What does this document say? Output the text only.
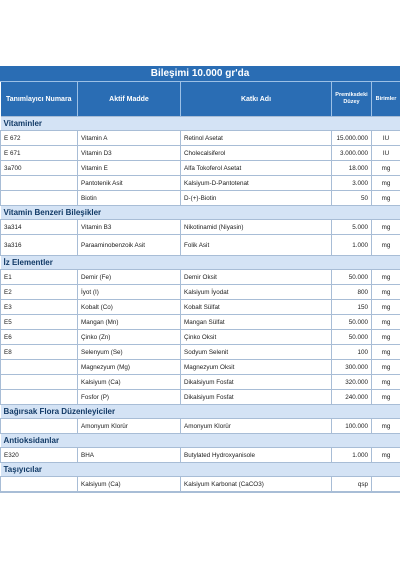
Bileşimi 10.000 gr'da
Tanımlayıcı Numara	Aktif Madde	Katkı Adı	Premiksdeki Düzey	Birimler
Vitaminler				
E 672	Vitamin A	Retinol Asetat	15.000.000	IU
E 671	Vitamin D3	Cholecalsiferol	3.000.000	IU
3a700	Vitamin E	Alfa Tokoferol Asetat	18.000	mg
	Pantotenik Asit	Kalsiyum-D-Pantotenat	3.000	mg
	Biotin	D-(+)-Biotin	50	mg
Vitamin Benzeri Bileşikler				
3a314	Vitamin B3	Nikotinamid (Niyasin)	5.000	mg
3a316	Paraaminobenzoik Asit	Folik Asit	1.000	mg
İz Elementler				
E1	Demir (Fe)	Demir Oksit	50.000	mg
E2	İyot (I)	Kalsiyum İyodat	800	mg
E3	Kobalt (Co)	Kobalt Sülfat	150	mg
E5	Mangan (Mn)	Mangan Sülfat	50.000	mg
E6	Çinko (Zn)	Çinko Oksit	50.000	mg
E8	Selenyum (Se)	Sodyum Selenit	100	mg
	Magnezyum (Mg)	Magnezyum Oksit	300.000	mg
	Kalsiyum (Ca)	Dikalsiyum Fosfat	320.000	mg
	Fosfor (P)	Dikalsiyum Fosfat	240.000	mg
Bağırsak Flora Düzenleyiciler				
	Amonyum Klorür	Amonyum Klorür	100.000	mg
Antioksidanlar				
E320	BHA	Butylated Hydroxyanisole	1.000	mg
Taşıyıcılar				
	Kalsiyum (Ca)	Kalsiyum Karbonat (CaCO3)	qsp	
